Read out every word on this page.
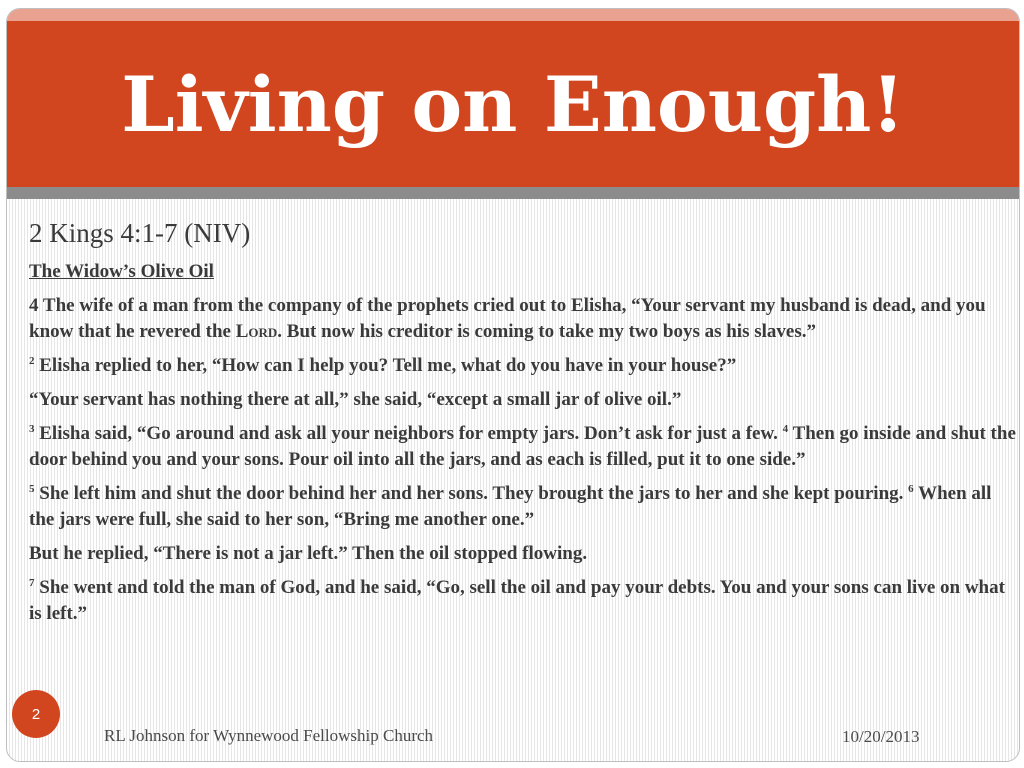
Living on Enough!

2 Kings 4:1-7 (NIV)

The Widow’s Olive Oil

4 The wife of a man from the company of the prophets cried out to Elisha, “Your servant my husband is dead, and you know that he revered the Lord. But now his creditor is coming to take my two boys as his slaves.”

$^2$ Elisha replied to her, “How can I help you? Tell me, what do you have in your house?”

“Your servant has nothing there at all,” she said, “except a small jar of olive oil.”

$^3$ Elisha said, “Go around and ask all your neighbors for empty jars. Don’t ask for just a few. $^4$ Then go inside and shut the door behind you and your sons. Pour oil into all the jars, and as each is filled, put it to one side.”

$^5$ She left him and shut the door behind her and her sons. They brought the jars to her and she kept pouring. $^6$ When all the jars were full, she said to her son, “Bring me another one.”

But he replied, “There is not a jar left.” Then the oil stopped flowing.

$^7$ She went and told the man of God, and he said, “Go, sell the oil and pay your debts. You and your sons can live on what is left.”

2
RL Johnson for Wynnewood Fellowship Church	10/20/2013
